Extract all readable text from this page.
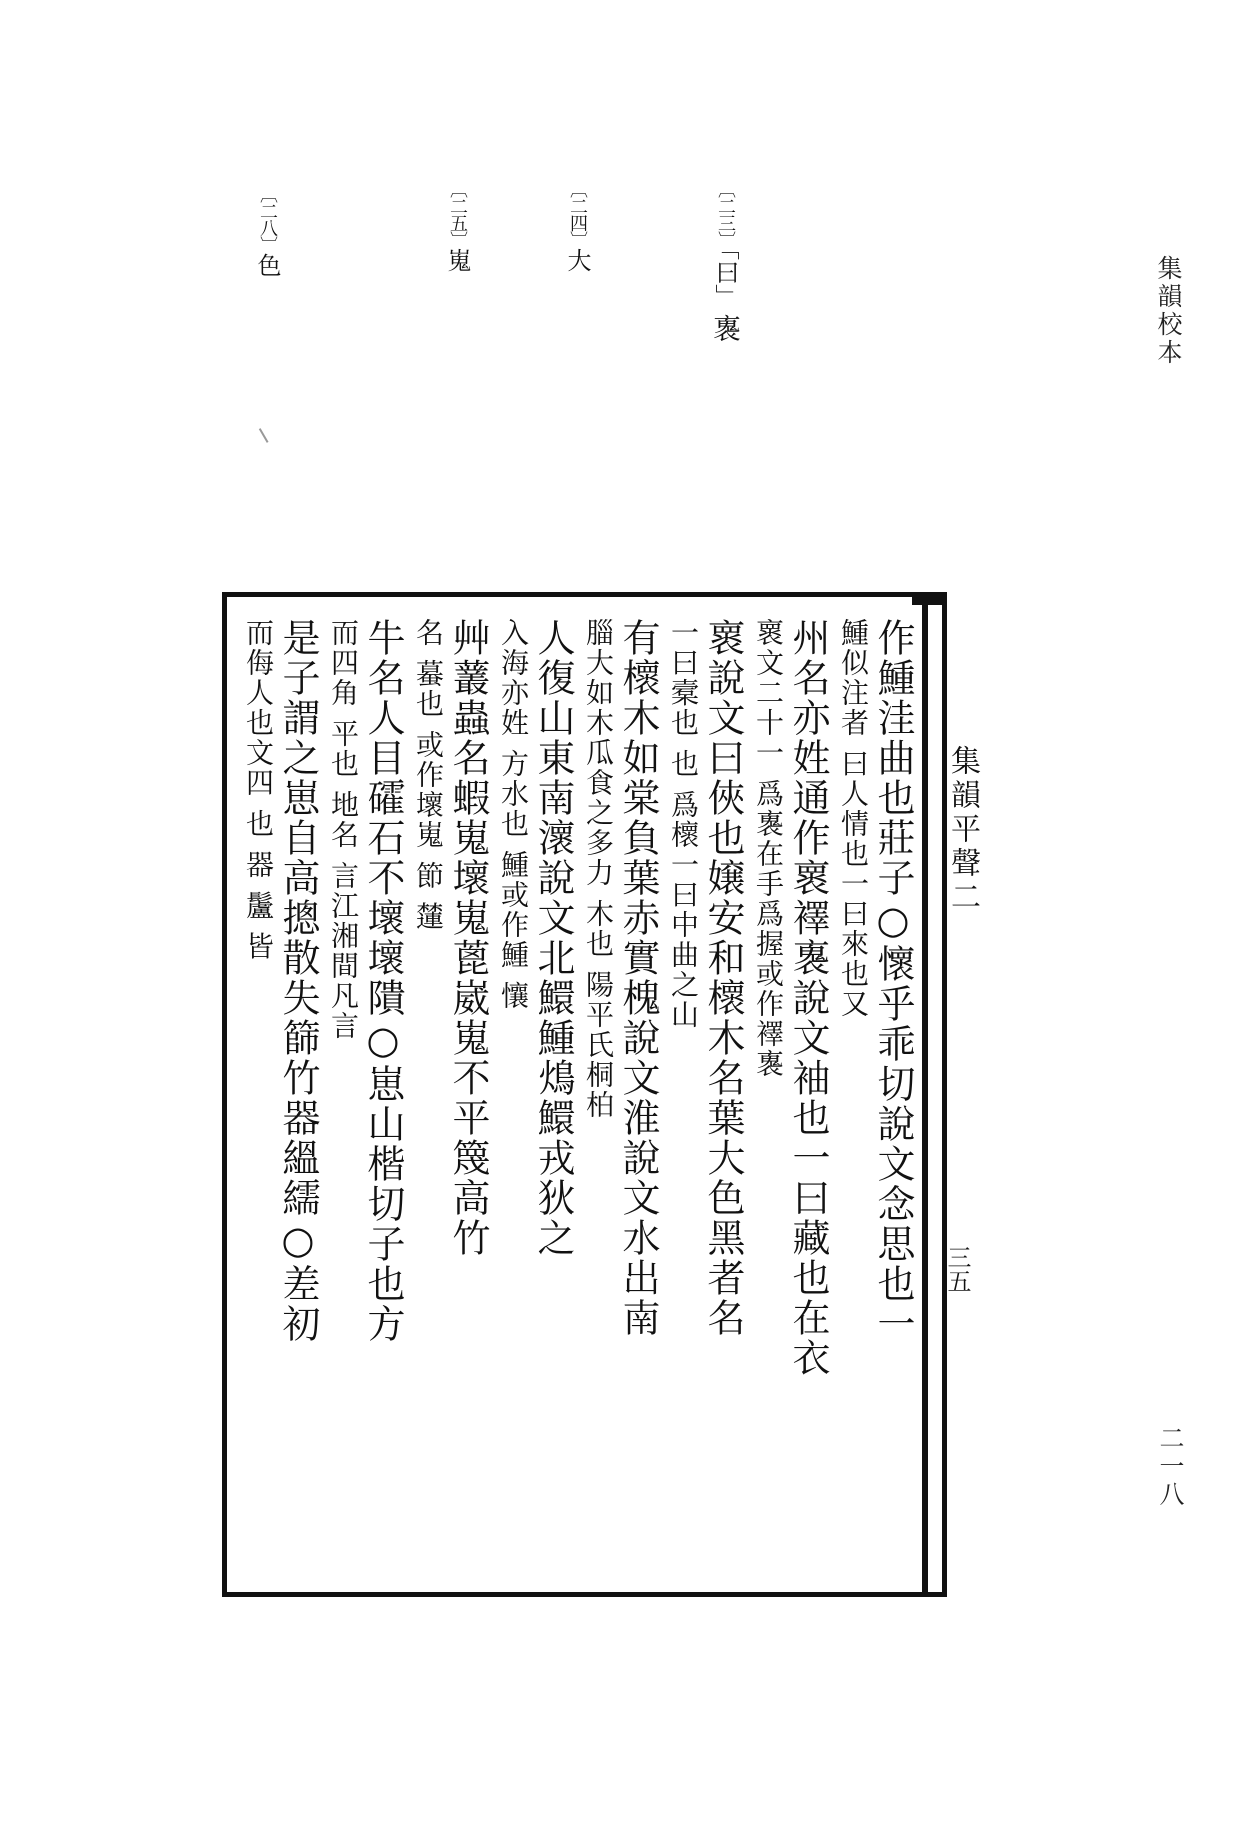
集韻校本
二一八
〔二三〕「曰」褢
〔二四〕大
〔二五〕嵬
〔二八〕色
集韻平聲二
三五
作䱰洼曲也莊子○懷乎乖切說文念思也一
䱰似注者 曰人情也一曰來也又
州名亦姓通作褱襗褢說文袖也一曰藏也在衣
褱文二十一 爲褢在手爲握或作襗褢
褱說文曰俠也嬢安和櫰木名葉大色黑者名
一曰槖也 也 爲櫰一曰中曲之山
有櫰木如棠負葉赤實槐說文淮說文水出南
䐉大如木瓜食之多力 木也 陽平氏桐柏
人復山東南瀤說文北鱞䱰䲴鱞戎狄之
入海亦姓 方水也 䱰或作䱰 懹
艸䕺蟲名蝦嵬壞嵬蓖崴嵬不平篾高竹
名 蟇也 或作壞嵬 節 㰈
牛名人目礭石不壞壞隤○崽山楷切子也方
而四角 平也 地名 言江湘間凡言
是子謂之崽自高摠散失篩竹器縕繻○差初
而侮人也文四 也 器 䰕 皆
